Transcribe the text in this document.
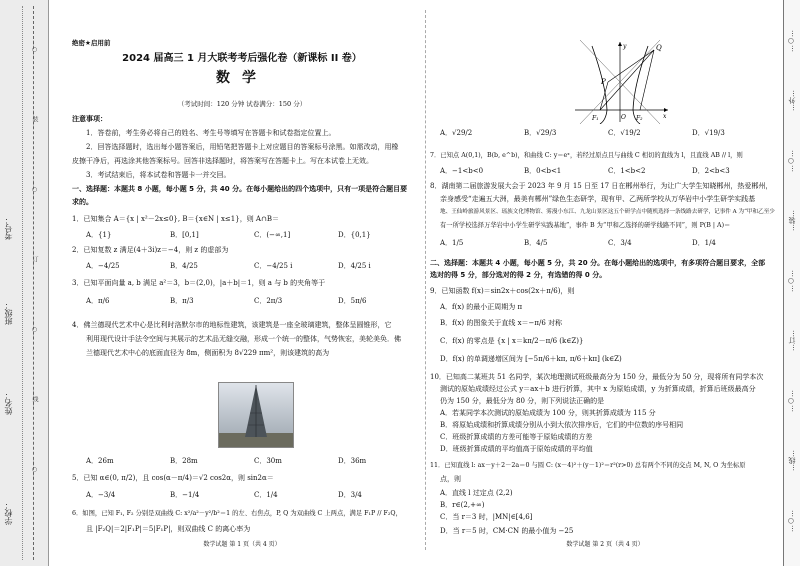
学校：
姓名：
班级：
考号：
…○…
…装…
…○…
…订…
…○…
…线…
…○…
…○…
…外…
…○…
…装…
…○…
…订…
…○…
…线…
…○…
绝密★启用前
2024 届高三 1 月大联考考后强化卷（新课标 II 卷）
数学
（考试时间：120 分钟 试卷满分：150 分）
注意事项：
1．答卷前，考生务必将自己的姓名、考生号等填写在答题卡和试卷指定位置上。
2．回答选择题时，选出每小题答案后，用铅笔把答题卡上对应题目的答案标号涂黑。如需改动，用橡
皮擦干净后，再选涂其他答案标号。回答非选择题时，将答案写在答题卡上。写在本试卷上无效。
3．考试结束后，将本试卷和答题卡一并交回。
一、选择题：本题共 8 小题，每小题 5 分，共 40 分。在每小题给出的四个选项中，只有一项是符合题目要
求的。
1．已知集合 A＝{x | x²－2x≤0}, B＝{x∈N | x≤1}，则 A∩B＝
A．{1}	B．[0,1]	C．(−∞,1]	D．{0,1}
2．已知复数 z 满足(4＋3i)z＝−4，则 z 的虚部为
A．−4/25	B．4/25	C．−4/25 i	D．4/25 i
3．已知平面向量 a, b 满足 a²＝3，b＝(2,0)，|a＋b|＝1，则 a 与 b 的夹角等于
A．π/6	B．π/3	C．2π/3	D．5π/6
4．佛兰德现代艺术中心是比利时洛默尔市的地标性建筑，该建筑是一座全玻璃建筑，整体呈圆锥形，它
利用现代设计手法令空间与其展示的艺术品无缝交融，形成一个统一的整体，气势恢宏，美轮美奂．佛
兰德现代艺术中心的底面直径为 8m，侧面积为 8√229 πm²，则该建筑的高为
A．26m	B．28m	C．30m	D．36m
5．已知 α∈(0, π/2)，且 cos(α－π/4)＝√2 cos2α，则 sin2α＝
A．−3/4	B．−1/4	C．1/4	D．3/4
6．如图，已知 F₁, F₂ 分别是双曲线 C: x²/a²－y²/b²＝1 的左、右焦点，P, Q 为双曲线 C 上两点，满足 F₁P // F₂Q，
且 |F₂Q|＝2|F₁P|＝5|F₁P|，则双曲线 C 的离心率为
数学试题 第 1 页（共 4 页）
P
Q
F₁	O F₂	x
y
A．√29/2	B．√29/3	C．√19/2	D．√19/3
7．已知点 A(0,1)，B(b, e^b)，和曲线 C: y＝eˣ，若经过原点且与曲线 C 相切的直线为 l，且直线 AB // l，则
A．−1<b<0	B．0<b<1	C．1<b<2	D．2<b<3
8．湖南第二届旅游发展大会于 2023 年 9 月 15 日至 17 日在郴州举行，为让广大学生知晓郴州，热爱郴州，
亲身感受“走遍五大洲，最美有郴州”绿色生态研学，现有甲、乙两所学校从万华岩中小学生研学实践基
地、王仙岭旅游风景区、瑶族文化博物馆、雾漫小东江、九龙山景区这五个研学点中随机选择一条线路去研学，记事件 A 为“甲和乙至少
有一所学校选择万华岩中小学生研学实践基地”，事件 B 为“甲和乙选择的研学线路不同”，则 P(B | A)＝
A．1/5	B．4/5	C．3/4	D．1/4
二、选择题：本题共 4 小题，每小题 5 分，共 20 分。在每小题给出的选项中，有多项符合题目要求，全部
选对的得 5 分，部分选对的得 2 分，有选错的得 0 分。
9．已知函数 f(x)＝sin2x＋cos(2x＋π/6)，则
A．f(x) 的最小正周期为 π
B．f(x) 的图象关于直线 x＝−π/6 对称
C．f(x) 的零点是 {x | x＝kπ/2－π/6 (k∈Z)}
D．f(x) 的单调递增区间为 [−5π/6＋kπ, π/6＋kπ] (k∈Z)
10．已知高二某班共 51 名同学，某次地理测试班级最高分为 150 分，最低分为 50 分，现将所有同学本次
测试的原始成绩经过公式 y＝ax＋b 进行折算，其中 x 为原始成绩，y 为折算成绩，折算后班级最高分
仍为 150 分，最低分为 80 分，则下列说法正确的是
A．若某同学本次测试的原始成绩为 100 分，则其折算成绩为 115 分
B．将原始成绩和折算成绩分别从小到大依次排序后，它们的中位数的序号相同
C．班级折算成绩的方差可能等于原始成绩的方差
D．班级折算成绩的平均值高于原始成绩的平均值
11．已知直线 l: ax－y＋2－2a＝0 与圆 C: (x－4)²＋(y－1)²＝r²(r>0) 总有两个不同的交点 M, N, O 为坐标原
点，则
A．直线 l 过定点 (2,2)
B．r∈(2,+∞)
C．当 r＝3 时，|MN|∈[4,6]
D．当 r＝5 时，CM·CN 的最小值为 −25
数学试题 第 2 页（共 4 页）
